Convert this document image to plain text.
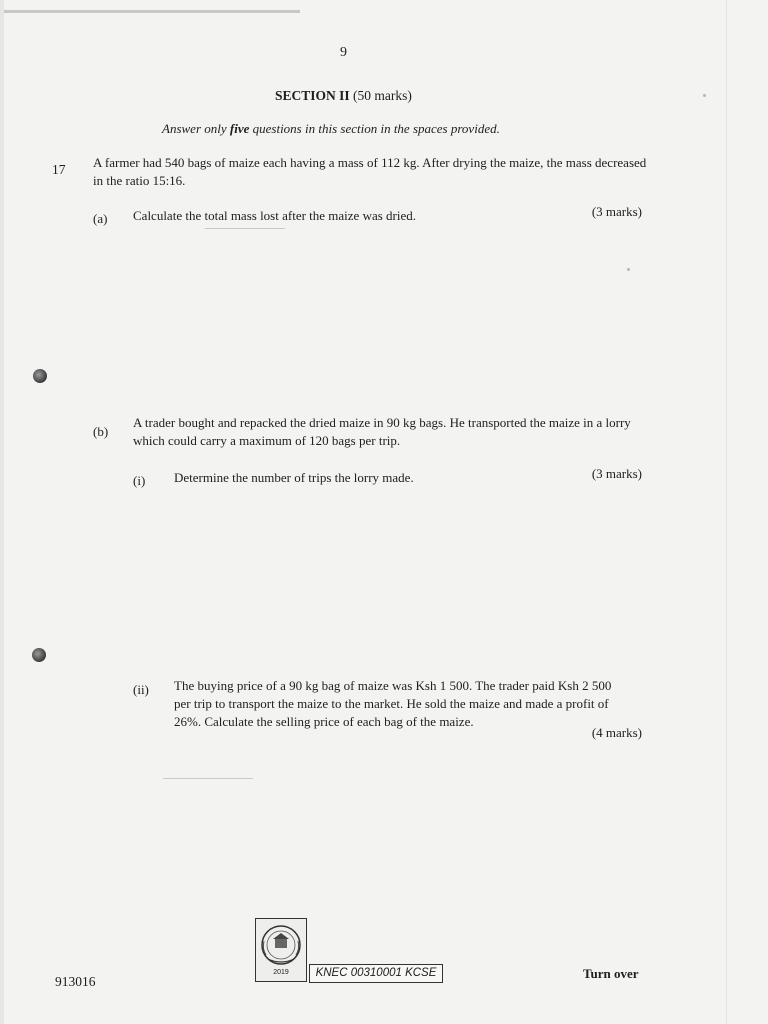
9
SECTION II (50 marks)
Answer only five questions in this section in the spaces provided.
17 A farmer had 540 bags of maize each having a mass of 112 kg. After drying the maize, the mass decreased in the ratio 15:16.
(a) Calculate the total mass lost after the maize was dried.	(3 marks)
(b)
A trader bought and repacked the dried maize in 90 kg bags. He transported the maize in a lorry which could carry a maximum of 120 bags per trip.
(i) Determine the number of trips the lorry made.	(3 marks)
(ii) The buying price of a 90 kg bag of maize was Ksh 1 500. The trader paid Ksh 2 500 per trip to transport the maize to the market. He sold the maize and made a profit of 26%. Calculate the selling price of each bag of the maize.
(4 marks)
913016
2019	KNEC 00310001 KCSE	Turn over
